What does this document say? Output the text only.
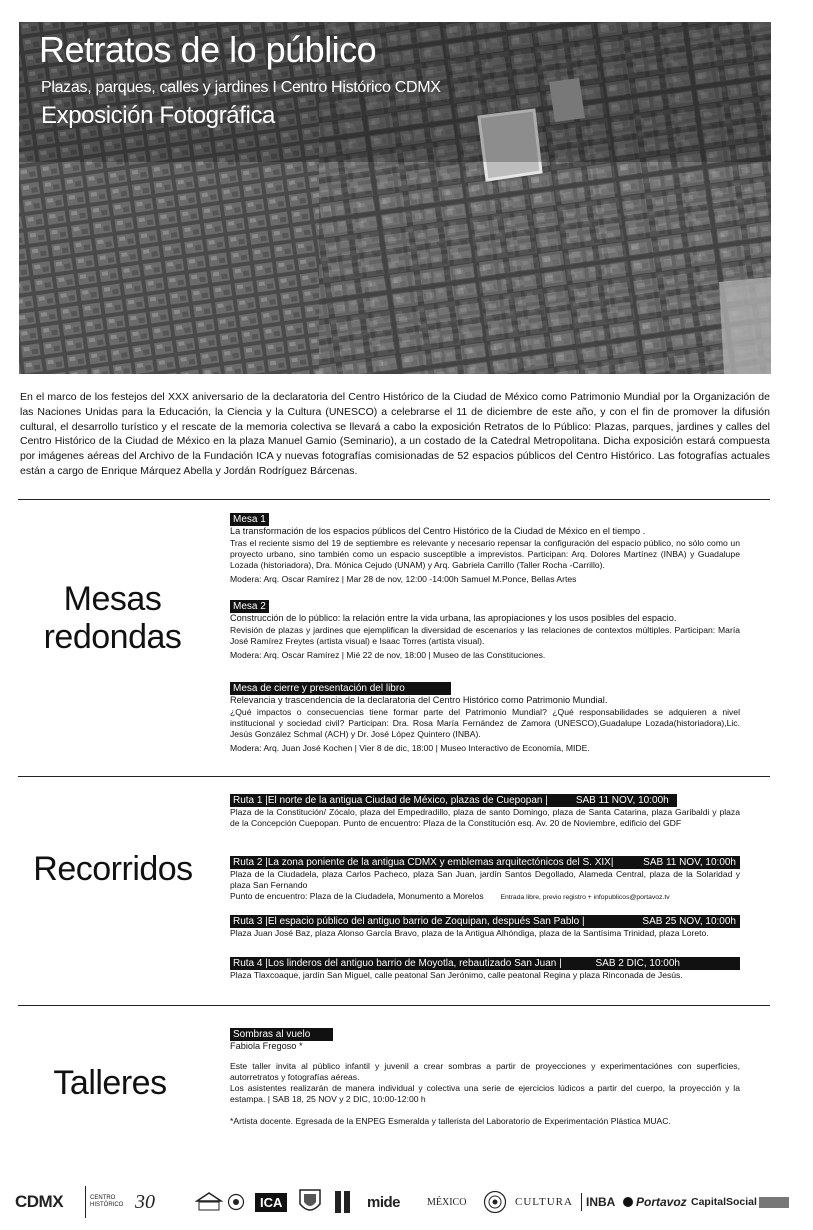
Retratos de lo público
Plazas, parques, calles y jardines I Centro Histórico CDMX
Exposición Fotográfica
En el marco de los festejos del XXX aniversario de la declaratoria del Centro Histórico de la Ciudad de México como Patrimonio Mundial por la Organización de las Naciones Unidas para la Educación, la Ciencia y la Cultura (UNESCO) a celebrarse el 11 de diciembre de este año, y con el fin de promover la difusión cultural, el desarrollo turístico y el rescate de la memoria colectiva se llevará a cabo la exposición Retratos de lo Público: Plazas, parques, jardines y calles del Centro Histórico de la Ciudad de México en la plaza Manuel Gamio (Seminario), a un costado de la Catedral Metropolitana. Dicha exposición estará compuesta por imágenes aéreas del Archivo de la Fundación ICA y nuevas fotografías comisionadas de 52 espacios públicos del Centro Histórico. Las fotografías actuales están a cargo de Enrique Márquez Abella y Jordán Rodríguez Bárcenas.
Mesas
redondas
Mesa 1
La transformación de los espacios públicos del Centro Histórico de la Ciudad de México en el tiempo .
Tras el reciente sismo del 19 de septiembre es relevante y necesario repensar la configuración del espacio público, no sólo como un proyecto urbano, sino también como un espacio susceptible a imprevistos. Participan: Arq. Dolores Martínez (INBA) y Guadalupe Lozada (historiadora), Dra. Mónica Cejudo (UNAM) y Arq. Gabriela Carrillo (Taller Rocha -Carrillo).
Modera: Arq. Oscar Ramírez | Mar 28 de nov, 12:00 -14:00h Samuel M.Ponce, Bellas Artes
Mesa 2
Construcción de lo público: la relación entre la vida urbana, las apropiaciones y los usos posibles del espacio.
Revisión de plazas y jardines que ejemplifican la diversidad de escenarios y las relaciones de contextos múltiples. Participan: María José Ramírez Freytes (artista visual) e Isaac Torres (artista visual).
Modera: Arq. Oscar Ramírez | Mié 22 de nov, 18:00 | Museo de las Constituciones.
Mesa de cierre y presentación del libro
Relevancia y trascendencia de la declaratoria del Centro Histórico como Patrimonio Mundial.
¿Qué impactos o consecuencias tiene formar parte del Patrimonio Mundial? ¿Qué responsabilidades se adquieren a nivel institucional y sociedad civil? Participan: Dra. Rosa María Fernández de Zamora (UNESCO),Guadalupe Lozada(historiadora),Lic. Jesús González Schmal (ACH) y Dr. José López Quintero (INBA).
Modera: Arq. Juan José Kochen | Vier 8 de dic, 18:00 | Museo Interactivo de Economía, MIDE.
Recorridos
Ruta 1 |El norte de la antigua Ciudad de México, plazas de Cuepopan |	SAB 11 NOV, 10:00h
Plaza de la Constitución/ Zócalo, plaza del Empedradillo, plaza de santo Domingo, plaza de Santa Catarina, plaza Garibaldi y plaza de la Concepción Cuepopan. Punto de encuentro: Plaza de la Constitución esq. Av. 20 de Noviembre, edificio del GDF
Ruta 2 |La zona poniente de la antigua CDMX y emblemas arquitectónicos del S. XIX|	SAB 11 NOV, 10:00h
Plaza de la Ciudadela, plaza Carlos Pacheco, plaza San Juan, jardín Santos Degollado, Alameda Central, plaza de la Solaridad y plaza San Fernando
Punto de encuentro: Plaza de la Ciudadela, Monumento a Morelos Entrada libre, previo registro + infopublicos@portavoz.tv
Ruta 3 |El espacio público del antiguo barrio de Zoquipan, después San Pablo |	SAB 25 NOV, 10:00h
Plaza Juan José Baz, plaza Alonso García Bravo, plaza de la Antigua Alhóndiga, plaza de la Santísima Trinidad, plaza Loreto.
Ruta 4 |Los linderos del antiguo barrio de Moyotla, rebautizado San Juan |	SAB 2 DIC, 10:00h
Plaza Tlaxcoaque, jardín San Miguel, calle peatonal San Jerónimo, calle peatonal Regina y plaza Rinconada de Jesús.
Talleres
Sombras al vuelo
Fabiola Fregoso *
Este taller invita al público infantil y juvenil a crear sombras a partir de proyecciones y experimentaciónes con superficies, autorretratos y fotografías aéreas.
Los asistentes realizarán de manera individual y colectiva una serie de ejercicios lúdicos a partir del cuerpo, la proyección y la estampa. | SAB 18, 25 NOV y 2 DIC, 10:00-12:00 h
*Artista docente. Egresada de la ENPEG Esmeralda y tallerista del Laboratorio de Experimentación Plástica MUAC.
CDMX	CENTRO HISTÓRICO 30	ICA	mide	MÉXICO	CULTURA INBA Portavoz CapitalSocial
